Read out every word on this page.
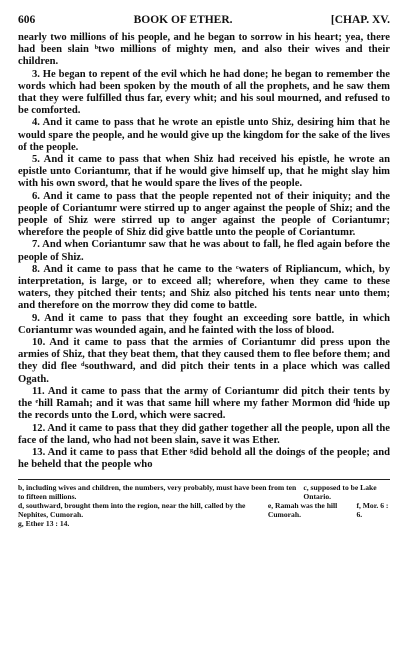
606	BOOK OF ETHER.	[CHAP. XV.

nearly two millions of his people, and he began to sorrow in his heart; yea, there had been slain ᵇtwo millions of mighty men, and also their wives and their children.

3. He began to repent of the evil which he had done; he began to remember the words which had been spoken by the mouth of all the prophets, and he saw them that they were fulfilled thus far, every whit; and his soul mourned, and refused to be comforted.

4. And it came to pass that he wrote an epistle unto Shiz, desiring him that he would spare the people, and he would give up the kingdom for the sake of the lives of the people.

5. And it came to pass that when Shiz had received his epistle, he wrote an epistle unto Coriantumr, that if he would give himself up, that he might slay him with his own sword, that he would spare the lives of the people.

6. And it came to pass that the people repented not of their iniquity; and the people of Coriantumr were stirred up to anger against the people of Shiz; and the people of Shiz were stirred up to anger against the people of Coriantumr; wherefore the people of Shiz did give battle unto the people of Coriantumr.

7. And when Coriantumr saw that he was about to fall, he fled again before the people of Shiz.

8. And it came to pass that he came to the ᶜwaters of Ripliancum, which, by interpretation, is large, or to exceed all; wherefore, when they came to these waters, they pitched their tents; and Shiz also pitched his tents near unto them; and therefore on the morrow they did come to battle.

9. And it came to pass that they fought an exceeding sore battle, in which Coriantumr was wounded again, and he fainted with the loss of blood.

10. And it came to pass that the armies of Coriantumr did press upon the armies of Shiz, that they beat them, that they caused them to flee before them; and they did flee ᵈsouthward, and did pitch their tents in a place which was called Ogath.

11. And it came to pass that the army of Coriantumr did pitch their tents by the ᵉhill Ramah; and it was that same hill where my father Mormon did ᶠhide up the records unto the Lord, which were sacred.

12. And it came to pass that they did gather together all the people, upon all the face of the land, who had not been slain, save it was Ether.

13. And it came to pass that Ether ᵍdid behold all the doings of the people; and he beheld that the people who

b, including wives and children, the numbers, very probably, must have been from ten to fifteen millions.
c, supposed to be Lake Ontario.
d, southward, brought them into the region, near the hill, called by the Nephites, Cumorah.
e, Ramah was the hill Cumorah.
f, Mor. 6 : 6.
g, Ether 13 : 14.
